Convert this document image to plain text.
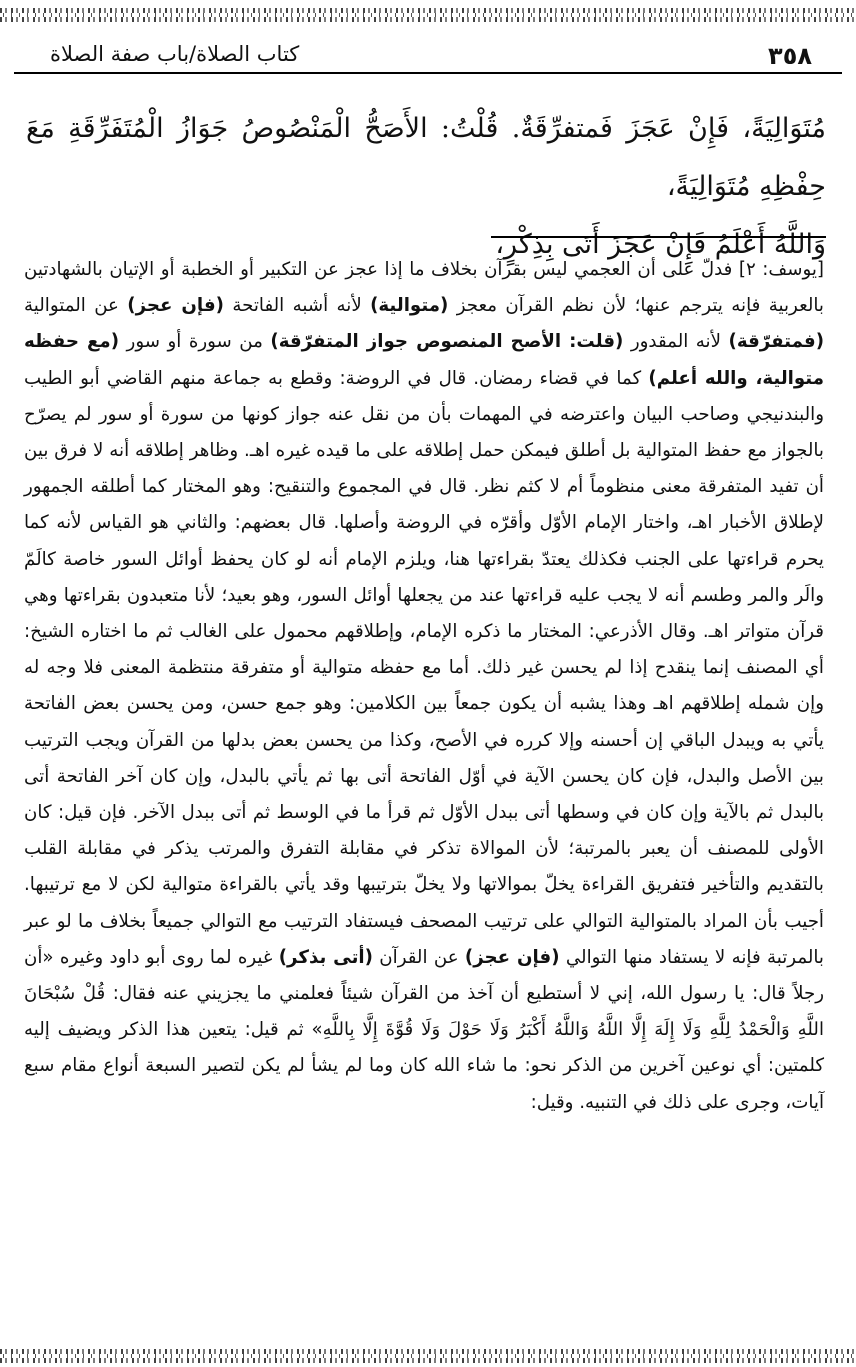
٣٥٨
كتاب الصلاة/باب صفة الصلاة

مُتَوَالِيَةً، فَإِنْ عَجَزَ فَمتفرِّقَةٌ. قُلْتُ: الأَصَحُّ الْمَنْصُوصُ جَوَازُ الْمُتَفَرِّقَةِ مَعَ حِفْظِهِ مُتَوَالِيَةً،

وَاللَّهُ أَعْلَمُ فَإِنْ عَجَزَ أَتَى بِذِكْرٍ،

[يوسف: ٢] فدلّ على أن العجمي ليس بقرآن بخلاف ما إذا عجز عن التكبير أو الخطبة أو الإتيان بالشهادتين بالعربية فإنه يترجم عنها؛ لأن نظم القرآن معجز (متوالية) لأنه أشبه الفاتحة (فإن عجز) عن المتوالية (فمتفرّقة) لأنه المقدور (قلت: الأصح المنصوص جواز المتفرّقة) من سورة أو سور (مع حفظه متوالية، والله أعلم) كما في قضاء رمضان. قال في الروضة: وقطع به جماعة منهم القاضي أبو الطيب والبندنيجي وصاحب البيان واعترضه في المهمات بأن من نقل عنه جواز كونها من سورة أو سور لم يصرّح بالجواز مع حفظ المتوالية بل أطلق فيمكن حمل إطلاقه على ما قيده غيره اهـ. وظاهر إطلاقه أنه لا فرق بين أن تفيد المتفرقة معنى منظوماً أم لا كثم نظر. قال في المجموع والتنقيح: وهو المختار كما أطلقه الجمهور لإطلاق الأخبار اهـ، واختار الإمام الأوّل وأقرّه في الروضة وأصلها. قال بعضهم: والثاني هو القياس لأنه كما يحرم قراءتها على الجنب فكذلك يعتدّ بقراءتها هنا، ويلزم الإمام أنه لو كان يحفظ أوائل السور خاصة كالَمّ والَر والمر وطسم أنه لا يجب عليه قراءتها عند من يجعلها أوائل السور، وهو بعيد؛ لأنا متعبدون بقراءتها وهي قرآن متواتر اهـ. وقال الأذرعي: المختار ما ذكره الإمام، وإطلاقهم محمول على الغالب ثم ما اختاره الشيخ: أي المصنف إنما ينقدح إذا لم يحسن غير ذلك. أما مع حفظه متوالية أو متفرقة منتظمة المعنى فلا وجه له وإن شمله إطلاقهم اهـ وهذا يشبه أن يكون جمعاً بين الكلامين: وهو جمع حسن، ومن يحسن بعض الفاتحة يأتي به ويبدل الباقي إن أحسنه وإلا كرره في الأصح، وكذا من يحسن بعض بدلها من القرآن ويجب الترتيب بين الأصل والبدل، فإن كان يحسن الآية في أوّل الفاتحة أتى بها ثم يأتي بالبدل، وإن كان آخر الفاتحة أتى بالبدل ثم بالآية وإن كان في وسطها أتى ببدل الأوّل ثم قرأ ما في الوسط ثم أتى ببدل الآخر. فإن قيل: كان الأولى للمصنف أن يعبر بالمرتبة؛ لأن الموالاة تذكر في مقابلة التفرق والمرتب يذكر في مقابلة القلب بالتقديم والتأخير فتفريق القراءة يخلّ بموالاتها ولا يخلّ بترتيبها وقد يأتي بالقراءة متوالية لكن لا مع ترتيبها. أجيب بأن المراد بالمتوالية التوالي على ترتيب المصحف فيستفاد الترتيب مع التوالي جميعاً بخلاف ما لو عبر بالمرتبة فإنه لا يستفاد منها التوالي (فإن عجز) عن القرآن (أتى بذكر) غيره لما روى أبو داود وغيره «أن رجلاً قال: يا رسول الله، إني لا أستطيع أن آخذ من القرآن شيئاً فعلمني ما يجزيني عنه فقال: قُلْ سُبْحَانَ اللَّهِ وَالْحَمْدُ لِلَّهِ وَلَا إِلَهَ إِلَّا اللَّهُ وَاللَّهُ أَكْبَرُ وَلَا حَوْلَ وَلَا قُوَّةَ إِلَّا بِاللَّهِ» ثم قيل: يتعين هذا الذكر ويضيف إليه كلمتين: أي نوعين آخرين من الذكر نحو: ما شاء الله كان وما لم يشأ لم يكن لتصير السبعة أنواع مقام سبع آيات، وجرى على ذلك في التنبيه. وقيل:
